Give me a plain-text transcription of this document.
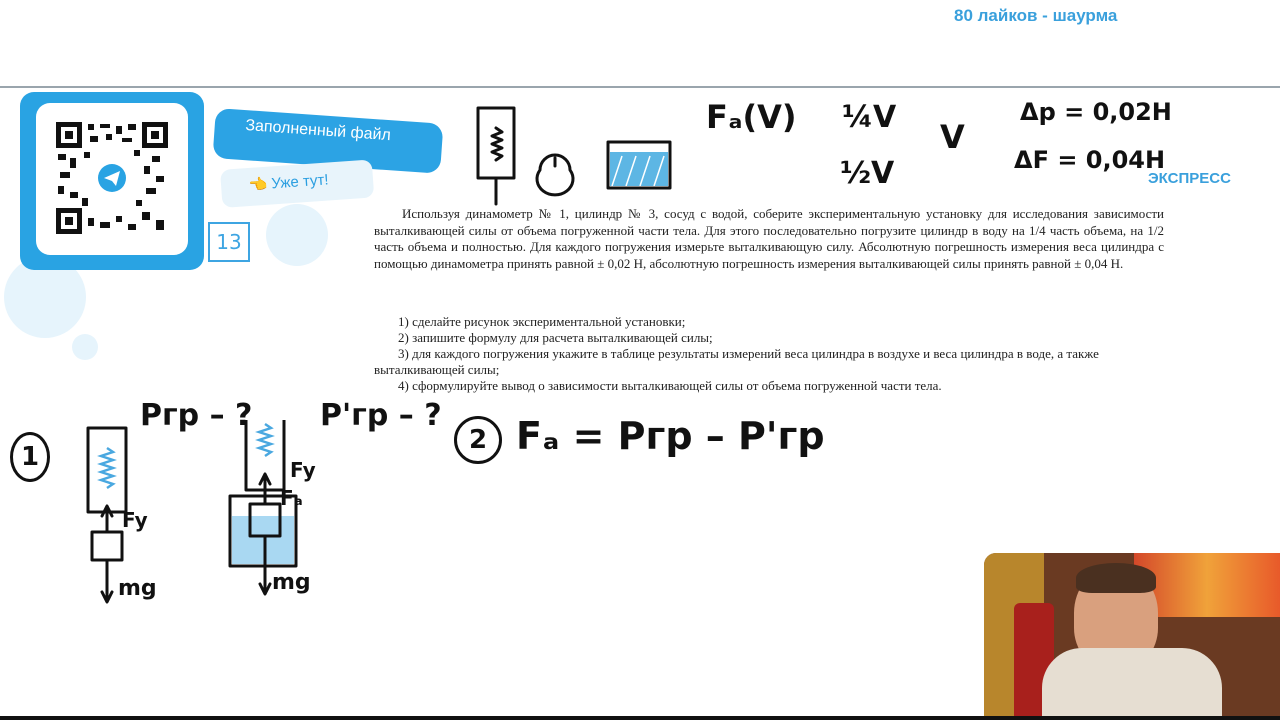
80 лайков - шаурма
Заполненный файл
👈 Уже тут!
13
ЭКСПРЕСС
Fₐ(V) ¼V
½V
V
Δp = 0,02Н
ΔF = 0,04Н
Используя динамометр № 1, цилиндр № 3, сосуд с водой, соберите экспериментальную установку для исследования зависимости выталкивающей силы от объема погруженной части тела. Для этого последовательно погрузите цилиндр в воду на 1/4 часть объема, на 1/2 часть объема и полностью. Для каждого погружения измерьте выталкивающую силу. Абсолютную погрешность измерения веса цилиндра с помощью динамометра принять равной ± 0,02 Н, абсолютную погрешность измерения выталкивающей силы принять равной ± 0,04 Н.
1) сделайте рисунок экспериментальной установки;
2) запишите формулу для расчета выталкивающей силы;
3) для каждого погружения укажите в таблице результаты измерений веса цилиндра в воздухе и веса цилиндра в воде, а также выталкивающей силы;
4) сформулируйте вывод о зависимости выталкивающей силы от объема погруженной части тела.
1
Pгр – ? P'гр – ?
Fy
Fy
Fₐ
mg	mg
2 Fₐ = Pгр – P'гр
